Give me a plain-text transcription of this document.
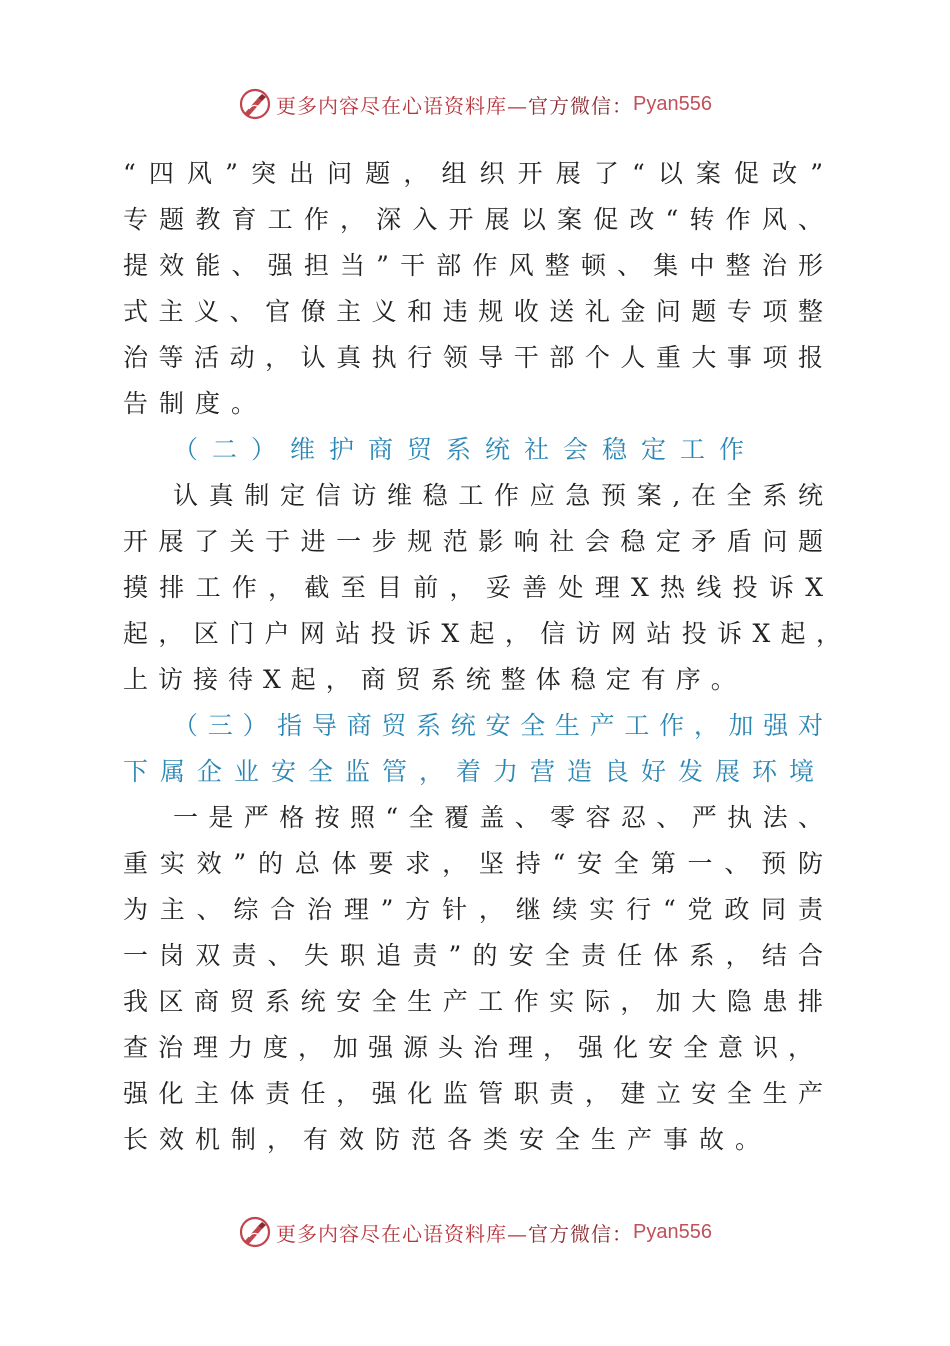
更多内容尽在心语资料库— 官方微信： Pyan556
“四风”突出问题，组织开展了“以案促改”
专题教育工作，深入开展以案促改“转作风、
提效能、强担当”干部作风整顿、集中整治形
式主义、官僚主义和违规收送礼金问题专项整
治等活动，认真执行领导干部个人重大事项报
告制度。
（二）维护商贸系统社会稳定工作
认真制定信访维稳工作应急预案,在全系统
开展了关于进一步规范影响社会稳定矛盾问题
摸排工作，截至目前，妥善处理X热线投诉X
起，区门户网站投诉X起，信访网站投诉X起，
上访接待X起，商贸系统整体稳定有序。
（三）指导商贸系统安全生产工作，加强对
下属企业安全监管，着力营造良好发展环境
一是严格按照“全覆盖、零容忍、严执法、
重实效”的总体要求，坚持“安全第一、预防
为主、综合治理”方针，继续实行“党政同责
一岗双责、失职追责”的安全责任体系，结合
我区商贸系统安全生产工作实际，加大隐患排
查治理力度，加强源头治理，强化安全意识，
强化主体责任，强化监管职责，建立安全生产
长效机制，有效防范各类安全生产事故。
更多内容尽在心语资料库— 官方微信： Pyan556
